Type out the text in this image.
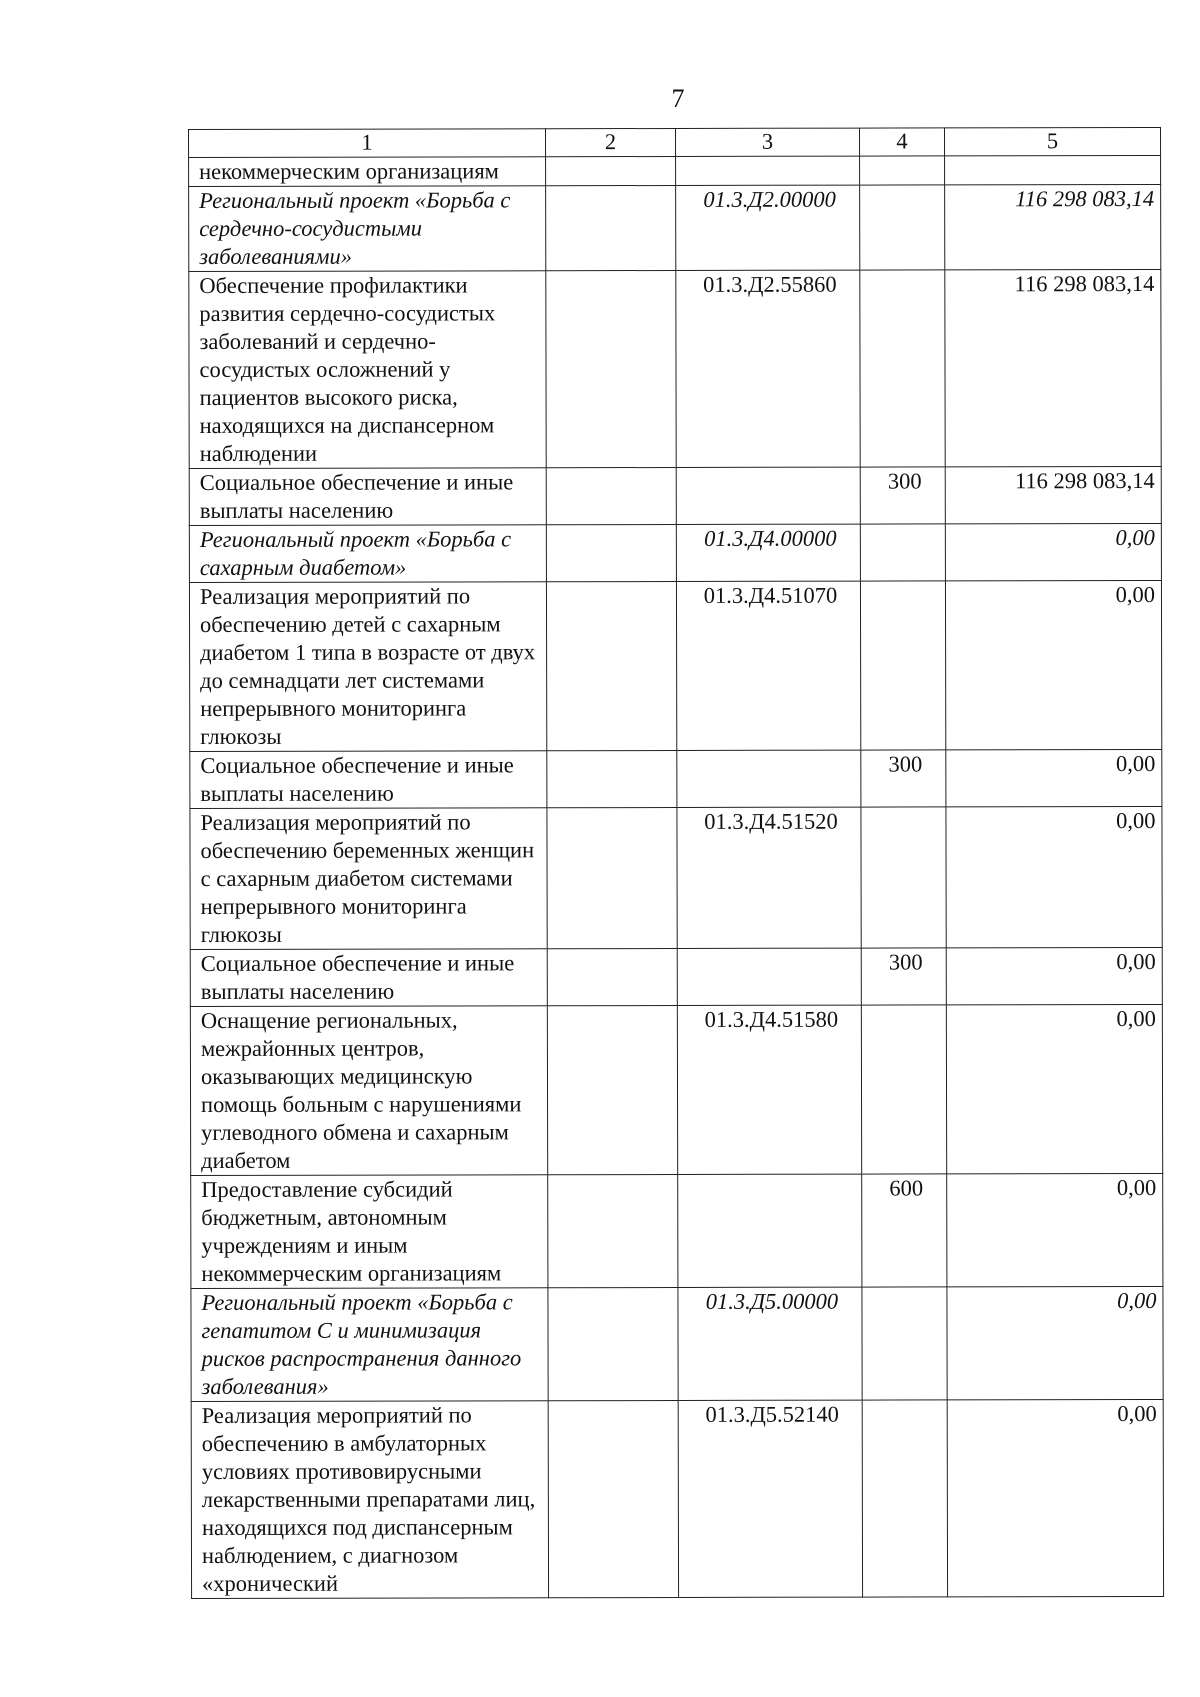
7
1	2	3	4	5
некоммерческим организациям				
Региональный проект «Борьба с сердечно-сосудистыми заболеваниями»		01.3.Д2.00000		116 298 083,14
Обеспечение профилактики развития сердечно-сосудистых заболеваний и сердечно-сосудистых осложнений у пациентов высокого риска, находящихся на диспансерном наблюдении		01.3.Д2.55860		116 298 083,14
Социальное обеспечение и иные выплаты населению			300	116 298 083,14
Региональный проект «Борьба с сахарным диабетом»		01.3.Д4.00000		0,00
Реализация мероприятий по обеспечению детей с сахарным диабетом 1 типа в возрасте от двух до семнадцати лет системами непрерывного мониторинга глюкозы		01.3.Д4.51070		0,00
Социальное обеспечение и иные выплаты населению			300	0,00
Реализация мероприятий по обеспечению беременных женщин с сахарным диабетом системами непрерывного мониторинга глюкозы		01.3.Д4.51520		0,00
Социальное обеспечение и иные выплаты населению			300	0,00
Оснащение региональных, межрайонных центров, оказывающих медицинскую помощь больным с нарушениями углеводного обмена и сахарным диабетом		01.3.Д4.51580		0,00
Предоставление субсидий бюджетным, автономным учреждениям и иным некоммерческим организациям			600	0,00
Региональный проект «Борьба с гепатитом С и минимизация рисков распространения данного заболевания»		01.3.Д5.00000		0,00
Реализация мероприятий по обеспечению в амбулаторных условиях противовирусными лекарственными препаратами лиц, находящихся под диспансерным наблюдением, с диагнозом «хронический		01.3.Д5.52140		0,00
